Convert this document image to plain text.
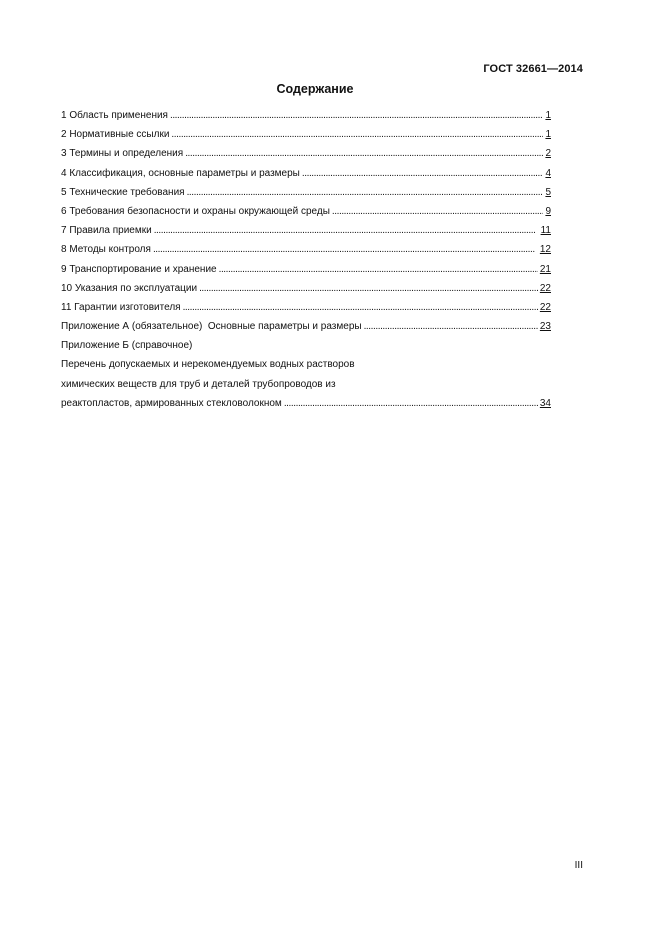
ГОСТ 32661—2014
Содержание
1 Область применения . . .	1
2 Нормативные ссылки . . .	1
3 Термины и определения . . .	2
4 Классификация, основные параметры и размеры . . .	4
5 Технические требования . . .	5
6 Требования безопасности и охраны окружающей среды . . .	9
7 Правила приемки . . .	11
8 Методы контроля . . .	12
9 Транспортирование и хранение . . .	21
10 Указания по эксплуатации . . .	22
11 Гарантии изготовителя . . .	22
Приложение А (обязательное)  Основные параметры и размеры . . .	23
Приложение Б (справочное)
Перечень допускаемых и нерекомендуемых водных растворов
химических веществ для труб и деталей трубопроводов из
реактопластов, армированных стекловолокном . . .	34
III
